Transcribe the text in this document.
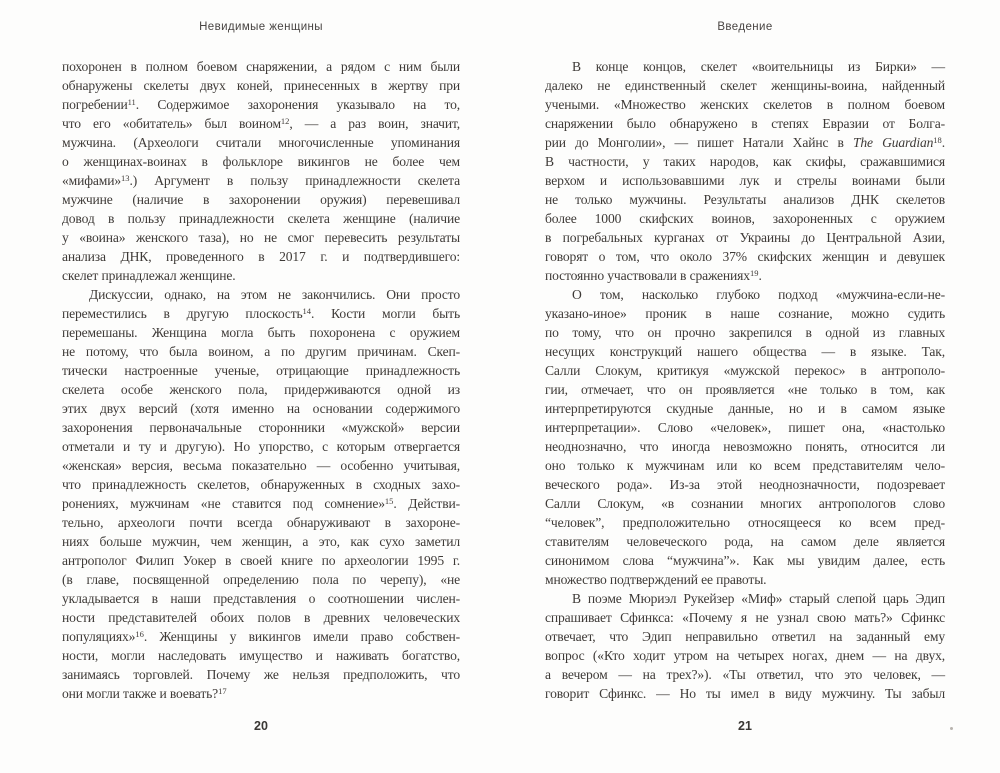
Невидимые женщины
похоронен в полном боевом снаряжении, а рядом с ним были
обнаружены скелеты двух коней, принесенных в жертву при
погребении$^{11}$. Содержимое захоронения указывало на то,
что его «обитатель» был воином$^{12}$, — а раз воин, значит,
мужчина. (Археологи считали многочисленные упоминания
о женщинах-воинах в фольклоре викингов не более чем
«мифами»$^{13}$.) Аргумент в пользу принадлежности скелета
мужчине (наличие в захоронении оружия) перевешивал
довод в пользу принадлежности скелета женщине (наличие
у «воина» женского таза), но не смог перевесить результаты
анализа ДНК, проведенного в 2017 г. и подтвердившего:
скелет принадлежал женщине.
Дискуссии, однако, на этом не закончились. Они просто
переместились в другую плоскость$^{14}$. Кости могли быть
перемешаны. Женщина могла быть похоронена с оружием
не потому, что была воином, а по другим причинам. Скеп-
тически настроенные ученые, отрицающие принадлежность
скелета особе женского пола, придерживаются одной из
этих двух версий (хотя именно на основании содержимого
захоронения первоначальные сторонники «мужской» версии
отметали и ту и другую). Но упорство, с которым отвергается
«женская» версия, весьма показательно — особенно учитывая,
что принадлежность скелетов, обнаруженных в сходных захо-
ронениях, мужчинам «не ставится под сомнение»$^{15}$. Действи-
тельно, археологи почти всегда обнаруживают в захороне-
ниях больше мужчин, чем женщин, а это, как сухо заметил
антрополог Филип Уокер в своей книге по археологии 1995 г.
(в главе, посвященной определению пола по черепу), «не
укладывается в наши представления о соотношении числен-
ности представителей обоих полов в древних человеческих
популяциях»$^{16}$. Женщины у викингов имели право собствен-
ности, могли наследовать имущество и наживать богатство,
занимаясь торговлей. Почему же нельзя предположить, что
они могли также и воевать?$^{17}$
20
Введение
В конце концов, скелет «воительницы из Бирки» —
далеко не единственный скелет женщины-воина, найденный
учеными. «Множество женских скелетов в полном боевом
снаряжении было обнаружено в степях Евразии от Болга-
рии до Монголии», — пишет Натали Хайнс в The Guardian$^{18}$.
В частности, у таких народов, как скифы, сражавшимися
верхом и использовавшими лук и стрелы воинами были
не только мужчины. Результаты анализов ДНК скелетов
более 1000 скифских воинов, захороненных с оружием
в погребальных курганах от Украины до Центральной Азии,
говорят о том, что около 37% скифских женщин и девушек
постоянно участвовали в сражениях$^{19}$.
О том, насколько глубоко подход «мужчина-если-не-
указано-иное» проник в наше сознание, можно судить
по тому, что он прочно закрепился в одной из главных
несущих конструкций нашего общества — в языке. Так,
Салли Слокум, критикуя «мужской перекос» в антрополо-
гии, отмечает, что он проявляется «не только в том, как
интерпретируются скудные данные, но и в самом языке
интерпретации». Слово «человек», пишет она, «настолько
неоднозначно, что иногда невозможно понять, относится ли
оно только к мужчинам или ко всем представителям чело-
веческого рода». Из-за этой неоднозначности, подозревает
Салли Слокум, «в сознании многих антропологов слово
“человек”, предположительно относящееся ко всем пред-
ставителям человеческого рода, на самом деле является
синонимом слова “мужчина”». Как мы увидим далее, есть
множество подтверждений ее правоты.
В поэме Мюриэл Рукейзер «Миф» старый слепой царь Эдип
спрашивает Сфинкса: «Почему я не узнал свою мать?» Сфинкс
отвечает, что Эдип неправильно ответил на заданный ему
вопрос («Кто ходит утром на четырех ногах, днем — на двух,
а вечером — на трех?»). «Ты ответил, что это человек, —
говорит Сфинкс. — Но ты имел в виду мужчину. Ты забыл
21
